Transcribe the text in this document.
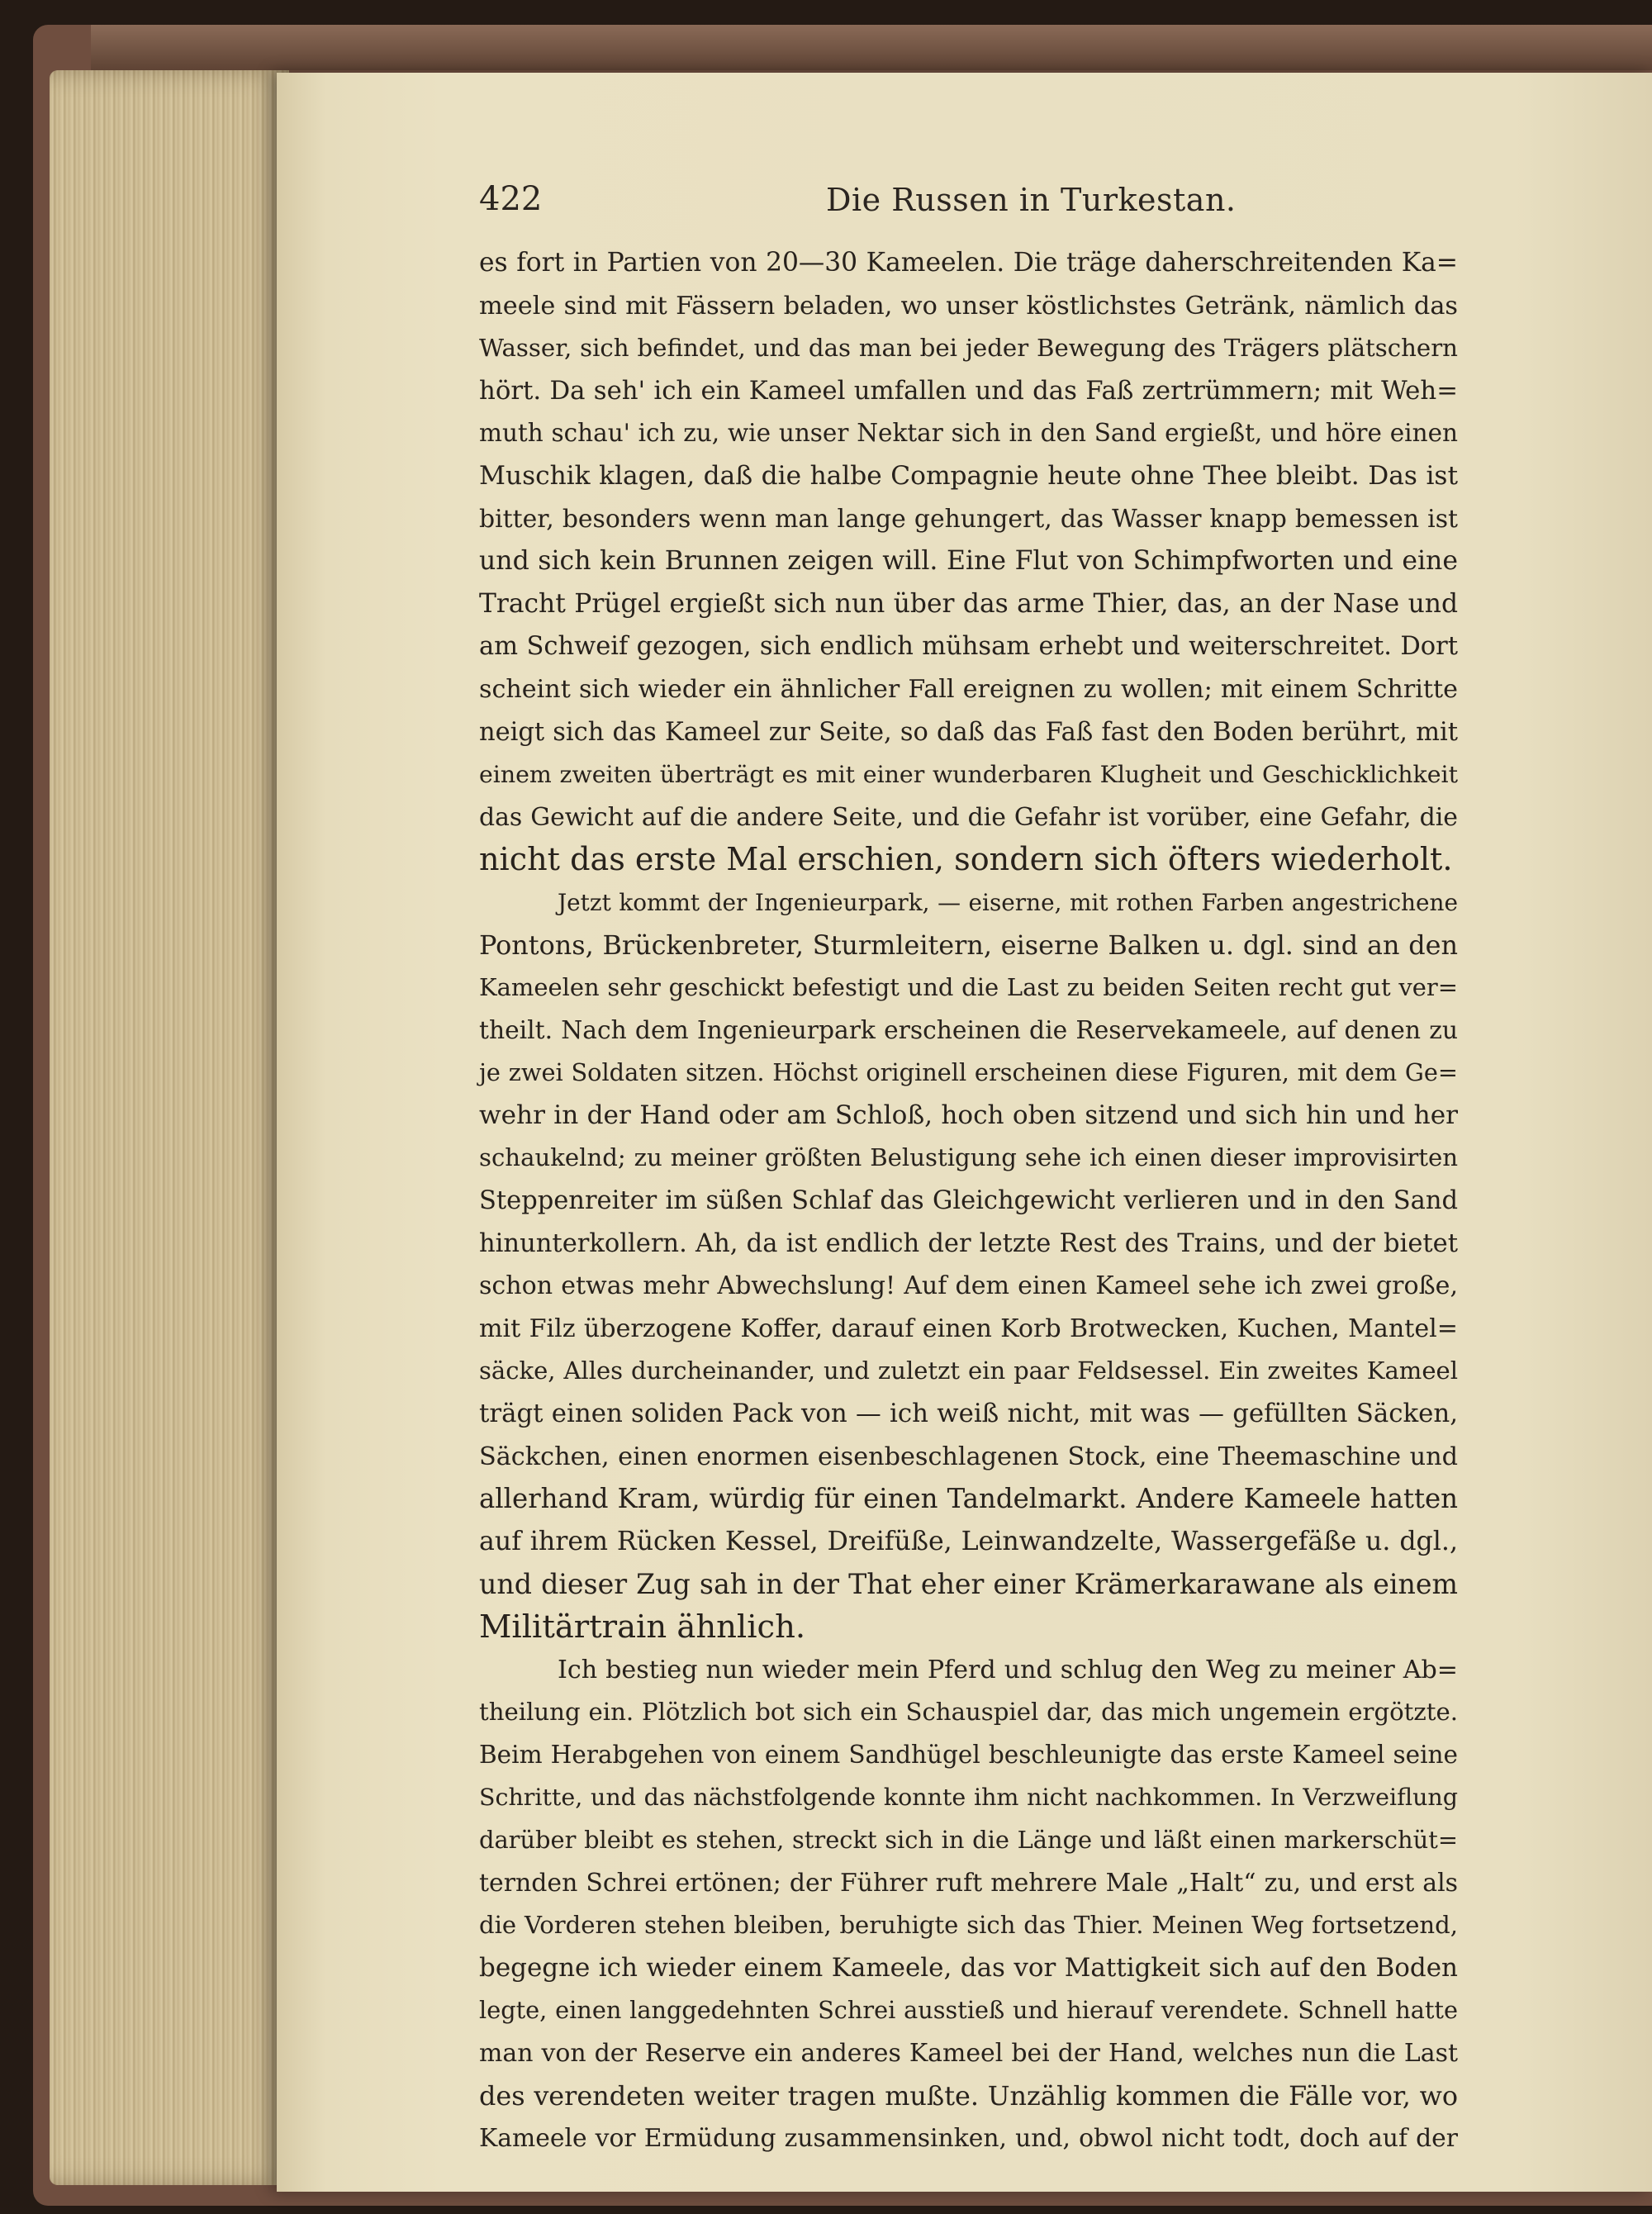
422	Die Russen in Turkestan.
es fort in Partien von 20—30 Kameelen. Die träge daherschreitenden Ka=
meele sind mit Fässern beladen, wo unser köstlichstes Getränk, nämlich das
Wasser, sich befindet, und das man bei jeder Bewegung des Trägers plätschern
hört. Da seh' ich ein Kameel umfallen und das Faß zertrümmern; mit Weh=
muth schau' ich zu, wie unser Nektar sich in den Sand ergießt, und höre einen
Muschik klagen, daß die halbe Compagnie heute ohne Thee bleibt. Das ist
bitter, besonders wenn man lange gehungert, das Wasser knapp bemessen ist
und sich kein Brunnen zeigen will. Eine Flut von Schimpfworten und eine
Tracht Prügel ergießt sich nun über das arme Thier, das, an der Nase und
am Schweif gezogen, sich endlich mühsam erhebt und weiterschreitet. Dort
scheint sich wieder ein ähnlicher Fall ereignen zu wollen; mit einem Schritte
neigt sich das Kameel zur Seite, so daß das Faß fast den Boden berührt, mit
einem zweiten überträgt es mit einer wunderbaren Klugheit und Geschicklichkeit
das Gewicht auf die andere Seite, und die Gefahr ist vorüber, eine Gefahr, die
nicht das erste Mal erschien, sondern sich öfters wiederholt.
Jetzt kommt der Ingenieurpark, — eiserne, mit rothen Farben angestrichene
Pontons, Brückenbreter, Sturmleitern, eiserne Balken u. dgl. sind an den
Kameelen sehr geschickt befestigt und die Last zu beiden Seiten recht gut ver=
theilt. Nach dem Ingenieurpark erscheinen die Reservekameele, auf denen zu
je zwei Soldaten sitzen. Höchst originell erscheinen diese Figuren, mit dem Ge=
wehr in der Hand oder am Schloß, hoch oben sitzend und sich hin und her
schaukelnd; zu meiner größten Belustigung sehe ich einen dieser improvisirten
Steppenreiter im süßen Schlaf das Gleichgewicht verlieren und in den Sand
hinunterkollern. Ah, da ist endlich der letzte Rest des Trains, und der bietet
schon etwas mehr Abwechslung! Auf dem einen Kameel sehe ich zwei große,
mit Filz überzogene Koffer, darauf einen Korb Brotwecken, Kuchen, Mantel=
säcke, Alles durcheinander, und zuletzt ein paar Feldsessel. Ein zweites Kameel
trägt einen soliden Pack von — ich weiß nicht, mit was — gefüllten Säcken,
Säckchen, einen enormen eisenbeschlagenen Stock, eine Theemaschine und
allerhand Kram, würdig für einen Tandelmarkt. Andere Kameele hatten
auf ihrem Rücken Kessel, Dreifüße, Leinwandzelte, Wassergefäße u. dgl.,
und dieser Zug sah in der That eher einer Krämerkarawane als einem
Militärtrain ähnlich.
Ich bestieg nun wieder mein Pferd und schlug den Weg zu meiner Ab=
theilung ein. Plötzlich bot sich ein Schauspiel dar, das mich ungemein ergötzte.
Beim Herabgehen von einem Sandhügel beschleunigte das erste Kameel seine
Schritte, und das nächstfolgende konnte ihm nicht nachkommen. In Verzweiflung
darüber bleibt es stehen, streckt sich in die Länge und läßt einen markerschüt=
ternden Schrei ertönen; der Führer ruft mehrere Male „Halt“ zu, und erst als
die Vorderen stehen bleiben, beruhigte sich das Thier. Meinen Weg fortsetzend,
begegne ich wieder einem Kameele, das vor Mattigkeit sich auf den Boden
legte, einen langgedehnten Schrei ausstieß und hierauf verendete. Schnell hatte
man von der Reserve ein anderes Kameel bei der Hand, welches nun die Last
des verendeten weiter tragen mußte. Unzählig kommen die Fälle vor, wo
Kameele vor Ermüdung zusammensinken, und, obwol nicht todt, doch auf der
